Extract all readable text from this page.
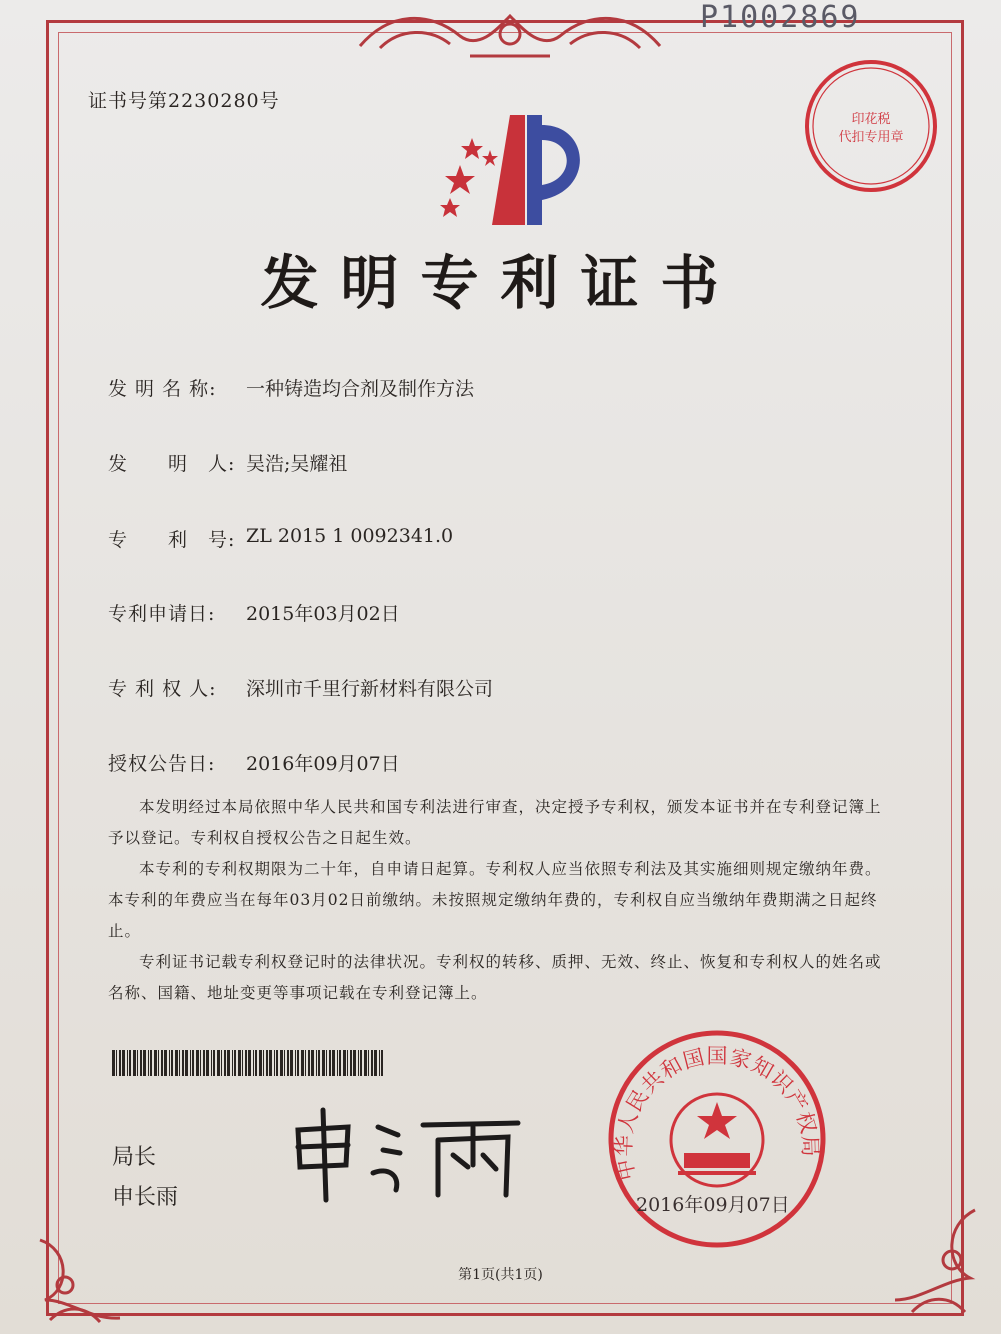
P1002869
证书号第2230280号
发明专利证书
发 明 名 称:	一种铸造均合剂及制作方法
发　　明　人: 吴浩;吴耀祖
专　　利　号: ZL 2015 1 0092341.0
专利申请日:	2015年03月02日
专 利 权 人:	深圳市千里行新材料有限公司
授权公告日:	2016年09月07日
本发明经过本局依照中华人民共和国专利法进行审查，决定授予专利权，颁发本证书并在专利登记簿上予以登记。专利权自授权公告之日起生效。
本专利的专利权期限为二十年，自申请日起算。专利权人应当依照专利法及其实施细则规定缴纳年费。本专利的年费应当在每年03月02日前缴纳。未按照规定缴纳年费的，专利权自应当缴纳年费期满之日起终止。
专利证书记载专利权登记时的法律状况。专利权的转移、质押、无效、终止、恢复和专利权人的姓名或名称、国籍、地址变更等事项记载在专利登记簿上。
局长
申长雨
印花税
代扣专用章
中华人民共和国国家知识产权局
2016年09月07日
第1页(共1页)
